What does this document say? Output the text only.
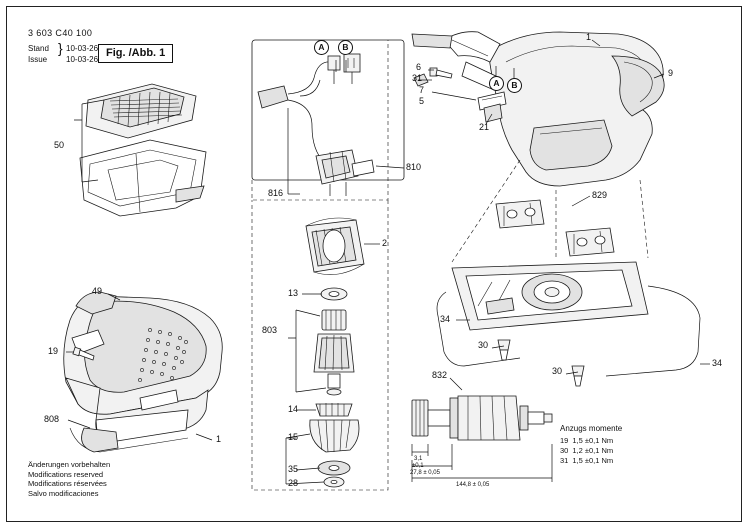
3 603 C40 100
Stand
Issue
} 10-03-26
10-03-26
Fig. /Abb. 1
Änderungen vorbehalten
Modifications reserved
Modifications réservées
Salvo modificaciones
Anzugs momente
19	1,5 ±0,1 Nm
30	1,2 ±0,1 Nm
31	1,5 ±0,1 Nm
A	B
A	B
1
9
6
31
7
5
21
829
810
816
2
13
803
14
15
35
28
34
34
30
30
832
50
49
19
808
1
3,1
±0,1
27,8 ± 0,05
144,8 ± 0,05
